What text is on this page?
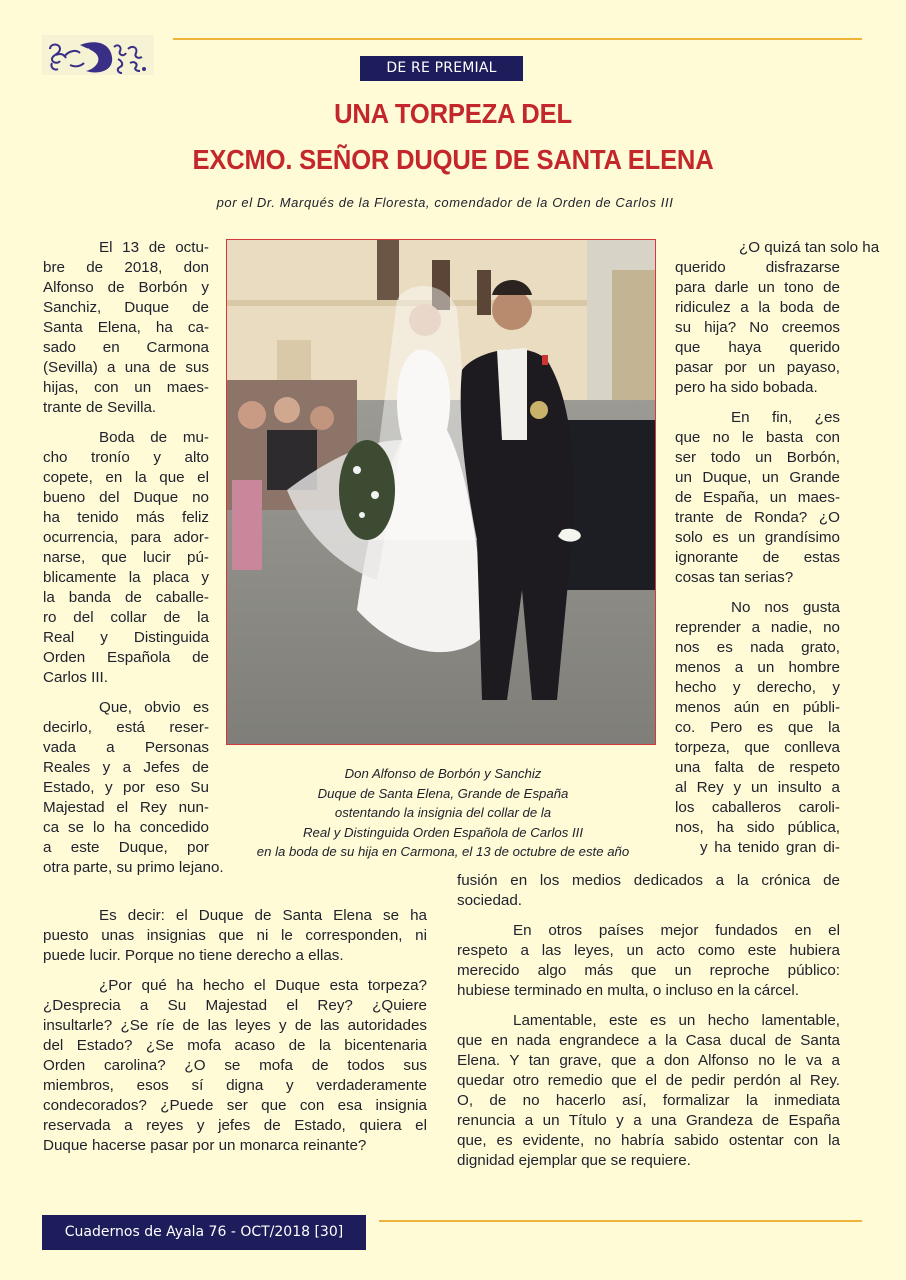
DE RE PREMIAL
UNA TORPEZA DEL
EXCMO. SEÑOR DUQUE DE SANTA ELENA
por el Dr. Marqués de la Floresta, comendador de la Orden de Carlos III
Don Alfonso de Borbón y Sanchiz
Duque de Santa Elena, Grande de España
ostentando la insignia del collar de la
Real y Distinguida Orden Española de Carlos III
en la boda de su hija en Carmona, el 13 de octubre de este año
El 13 de octu-
bre de 2018, don
Alfonso de Borbón y
Sanchiz, Duque de
Santa Elena, ha ca-
sado en Carmona
(Sevilla) a una de sus
hijas, con un maes-
trante de Sevilla.
Boda de mu-
cho tronío y alto
copete, en la que el
bueno del Duque no
ha tenido más feliz
ocurrencia, para ador-
narse, que lucir pú-
blicamente la placa y
la banda de caballe-
ro del collar de la
Real y Distinguida
Orden Española de
Carlos III.
Que, obvio es
decirlo, está reser-
vada a Personas
Reales y a Jefes de
Estado, y por eso Su
Majestad el Rey nun-
ca se lo ha concedido
a este Duque, por
otra parte, su primo lejano.
Es decir: el Duque de Santa Elena se ha
puesto unas insignias que ni le corresponden, ni
puede lucir. Porque no tiene derecho a ellas.
¿Por qué ha hecho el Duque esta torpeza?
¿Desprecia a Su Majestad el Rey? ¿Quiere
insultarle? ¿Se ríe de las leyes y de las autoridades
del Estado? ¿Se mofa acaso de la bicentenaria
Orden carolina? ¿O se mofa de todos sus
miembros, esos sí digna y verdaderamente
condecorados? ¿Puede ser que con esa insignia
reservada a reyes y jefes de Estado, quiera el
Duque hacerse pasar por un monarca reinante?
¿O quizá tan solo ha
querido disfrazarse
para darle un tono de
ridiculez a la boda de
su hija? No creemos
que haya querido
pasar por un payaso,
pero ha sido bobada.
En fin, ¿es
que no le basta con
ser todo un Borbón,
un Duque, un Grande
de España, un maes-
trante de Ronda? ¿O
solo es un grandísimo
ignorante de estas
cosas tan serias?
No nos gusta
reprender a nadie, no
nos es nada grato,
menos a un hombre
hecho y derecho, y
menos aún en públi-
co. Pero es que la
torpeza, que conlleva
una falta de respeto
al Rey y un insulto a
los caballeros caroli-
nos, ha sido pública,
y ha tenido gran di-
fusión en los medios dedicados a la crónica de
sociedad.
En otros países mejor fundados en el
respeto a las leyes, un acto como este hubiera
merecido algo más que un reproche público:
hubiese terminado en multa, o incluso en la cárcel.
Lamentable, este es un hecho lamentable,
que en nada engrandece a la Casa ducal de Santa
Elena. Y tan grave, que a don Alfonso no le va a
quedar otro remedio que el de pedir perdón al Rey.
O, de no hacerlo así, formalizar la inmediata
renuncia a un Título y a una Grandeza de España
que, es evidente, no habría sabido ostentar con la
dignidad ejemplar que se requiere.
Cuadernos de Ayala 76 - OCT/2018 [30]
